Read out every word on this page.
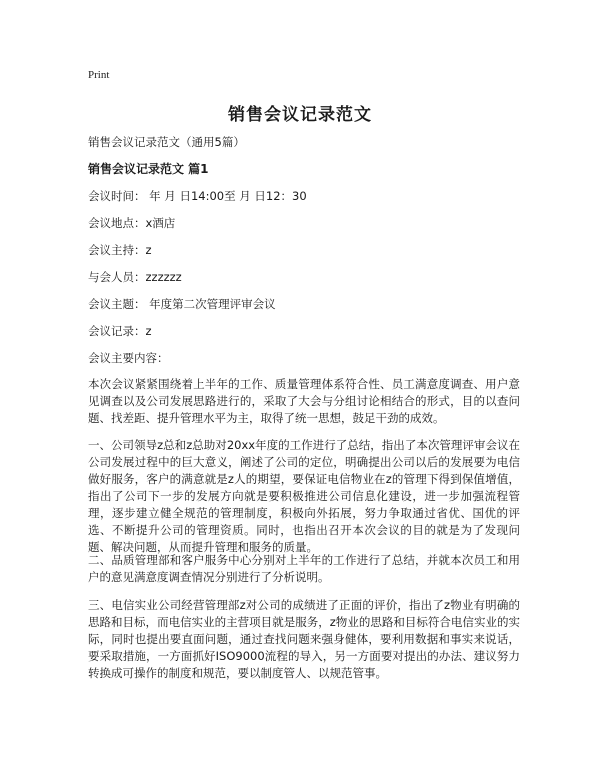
Print
销售会议记录范文
销售会议记录范文（通用5篇）
销售会议记录范文 篇1
会议时间： 年 月 日14:00至 月 日12：30
会议地点：x酒店
会议主持：z
与会人员：zzzzzz
会议主题： 年度第二次管理评审会议
会议记录：z
会议主要内容：

本次会议紧紧围绕着上半年的工作、质量管理体系符合性、员工满意度调查、用户意见调查以及公司发展思路进行的，采取了大会与分组讨论相结合的形式，目的以查问题、找差距、提升管理水平为主，取得了统一思想，鼓足干劲的成效。

一、公司领导z总和z总助对20xx年度的工作进行了总结，指出了本次管理评审会议在公司发展过程中的巨大意义，阐述了公司的定位，明确提出公司以后的发展要为电信做好服务，客户的满意就是z人的期望，要保证电信物业在z的管理下得到保值增值，指出了公司下一步的发展方向就是要积极推进公司信息化建设，进一步加强流程管理，逐步建立健全规范的管理制度，积极向外拓展，努力争取通过省优、国优的评选、不断提升公司的管理资质。同时，也指出召开本次会议的目的就是为了发现问题、解决问题，从而提升管理和服务的质量。

二、品质管理部和客户服务中心分别对上半年的工作进行了总结，并就本次员工和用户的意见满意度调查情况分别进行了分析说明。

三、电信实业公司经营管理部z对公司的成绩进了正面的评价，指出了z物业有明确的思路和目标，而电信实业的主营项目就是服务，z物业的思路和目标符合电信实业的实际，同时也提出要直面问题，通过查找问题来强身健体，要利用数据和事实来说话，要采取措施，一方面抓好ISO9000流程的导入，另一方面要对提出的办法、建议努力转换成可操作的制度和规范，要以制度管人、以规范管事。
